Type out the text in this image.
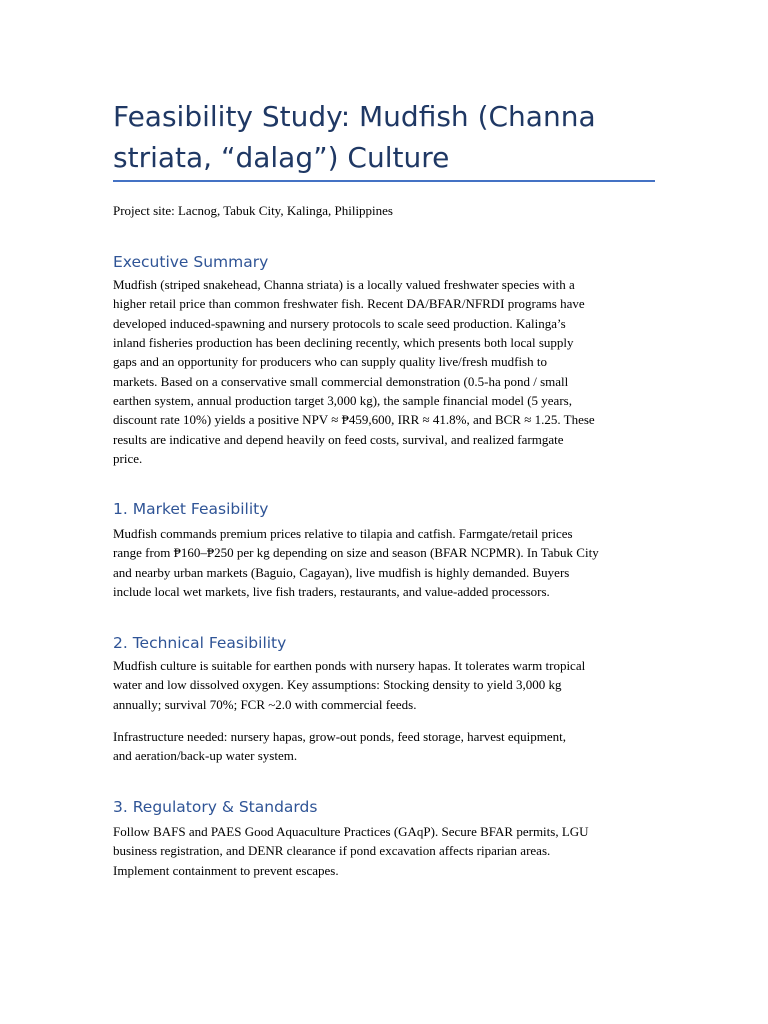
Feasibility Study: Mudfish (Channa striata, “dalag”) Culture

Project site: Lacnog, Tabuk City, Kalinga, Philippines

Executive Summary

Mudfish (striped snakehead, Channa striata) is a locally valued freshwater species with a
higher retail price than common freshwater fish. Recent DA/BFAR/NFRDI programs have
developed induced-spawning and nursery protocols to scale seed production. Kalinga’s
inland fisheries production has been declining recently, which presents both local supply
gaps and an opportunity for producers who can supply quality live/fresh mudfish to
markets. Based on a conservative small commercial demonstration (0.5-ha pond / small
earthen system, annual production target 3,000 kg), the sample financial model (5 years,
discount rate 10%) yields a positive NPV ≈ ₱459,600, IRR ≈ 41.8%, and BCR ≈ 1.25. These
results are indicative and depend heavily on feed costs, survival, and realized farmgate
price.

1. Market Feasibility

Mudfish commands premium prices relative to tilapia and catfish. Farmgate/retail prices
range from ₱160–₱250 per kg depending on size and season (BFAR NCPMR). In Tabuk City
and nearby urban markets (Baguio, Cagayan), live mudfish is highly demanded. Buyers
include local wet markets, live fish traders, restaurants, and value-added processors.

2. Technical Feasibility

Mudfish culture is suitable for earthen ponds with nursery hapas. It tolerates warm tropical
water and low dissolved oxygen. Key assumptions: Stocking density to yield 3,000 kg
annually; survival 70%; FCR ~2.0 with commercial feeds.

Infrastructure needed: nursery hapas, grow-out ponds, feed storage, harvest equipment,
and aeration/back-up water system.

3. Regulatory & Standards

Follow BAFS and PAES Good Aquaculture Practices (GAqP). Secure BFAR permits, LGU
business registration, and DENR clearance if pond excavation affects riparian areas.
Implement containment to prevent escapes.
